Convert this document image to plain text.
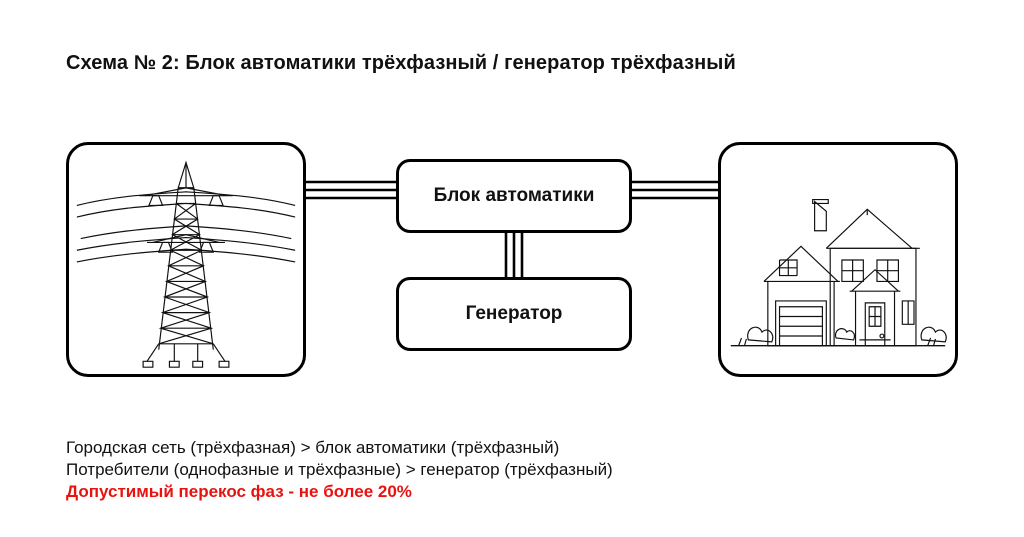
Схема № 2: Блок автоматики трёхфазный / генератор трёхфазный
Блок автоматики
Генератор
Городская сеть (трёхфазная) > блок автоматики (трёхфазный)
Потребители (однофазные и трёхфазные) > генератор (трёхфазный)
Допустимый перекос фаз - не более 20%
